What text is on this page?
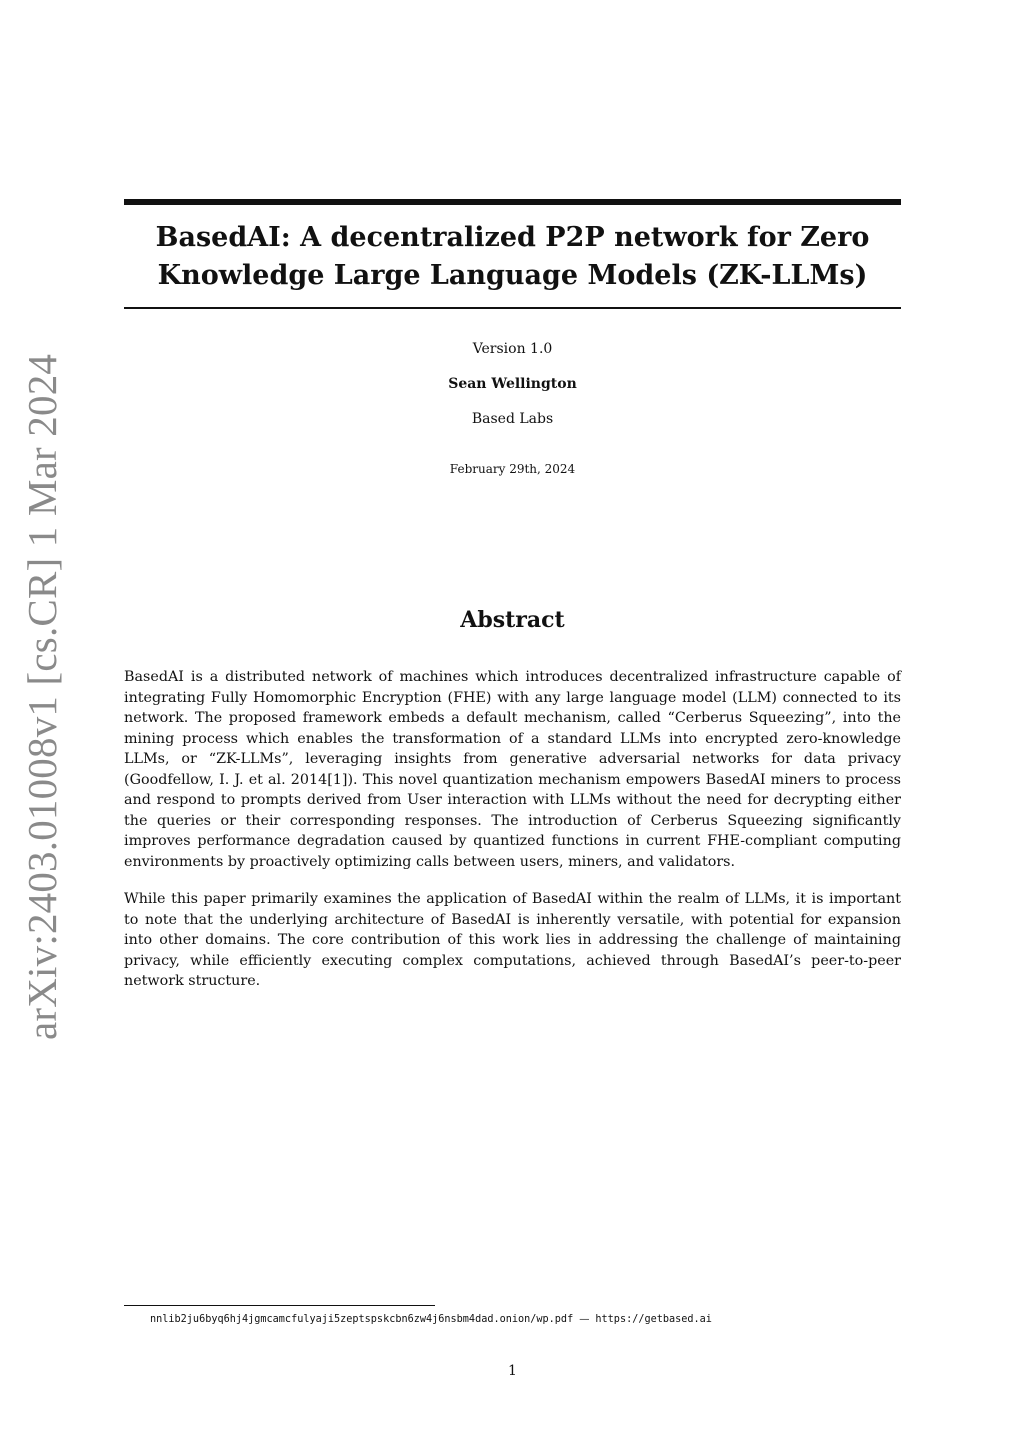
arXiv:2403.01008v1 [cs.CR] 1 Mar 2024
BasedAI: A decentralized P2P network for Zero Knowledge Large Language Models (ZK-LLMs)
Version 1.0
Sean Wellington
Based Labs
February 29th, 2024
Abstract

BasedAI is a distributed network of machines which introduces decentralized infrastructure capable of integrating Fully Homomorphic Encryption (FHE) with any large language model (LLM) connected to its network. The proposed framework embeds a default mechanism, called “Cerberus Squeezing”, into the mining process which enables the transformation of a standard LLMs into encrypted zero-knowledge LLMs, or “ZK-LLMs”, leveraging insights from generative adversarial networks for data privacy (Goodfellow, I. J. et al. 2014[1]). This novel quantization mechanism empowers BasedAI miners to process and respond to prompts derived from User interaction with LLMs without the need for decrypting either the queries or their corresponding responses. The introduction of Cerberus Squeezing significantly improves performance degradation caused by quantized functions in current FHE-compliant computing environments by proactively optimizing calls between users, miners, and validators.

While this paper primarily examines the application of BasedAI within the realm of LLMs, it is important to note that the underlying architecture of BasedAI is inherently versatile, with potential for expansion into other domains. The core contribution of this work lies in addressing the challenge of maintaining privacy, while efficiently executing complex computations, achieved through BasedAI’s peer-to-peer network structure.

nnlib2ju6byq6hj4jgmcamcfulyaji5zeptspskcbn6zw4j6nsbm4dad.onion/wp.pdf — https://getbased.ai
1
